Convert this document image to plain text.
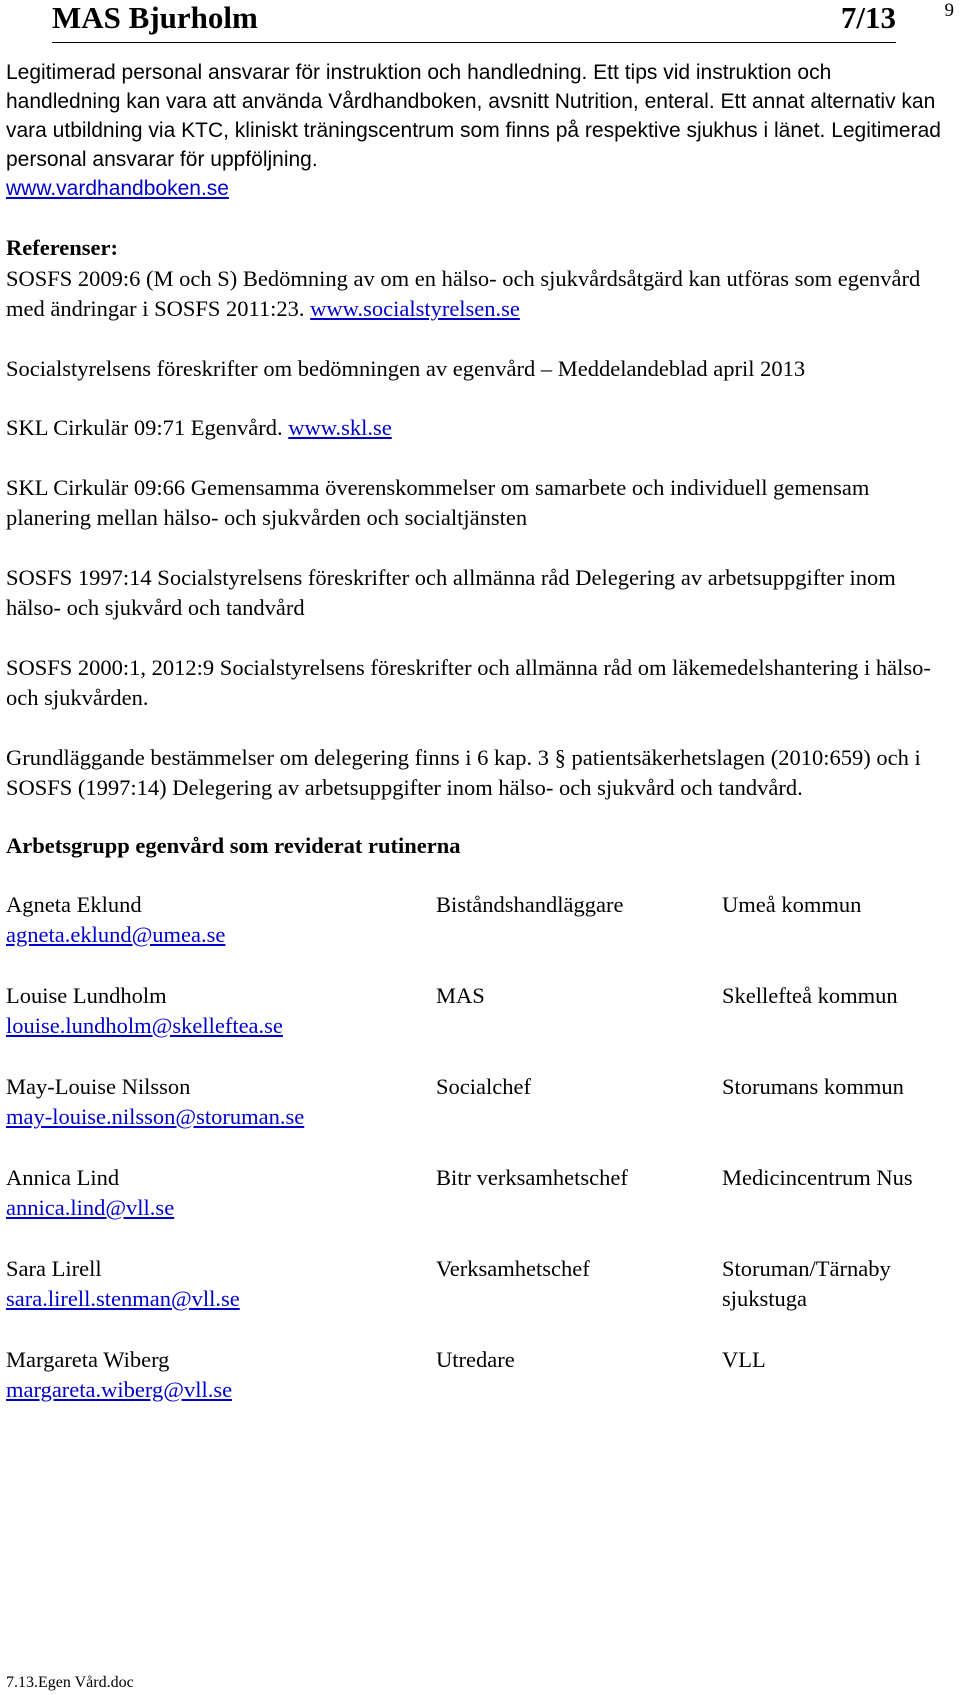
9
MAS Bjurholm	7/13

Legitimerad personal ansvarar för instruktion och handledning. Ett tips vid instruktion och handledning kan vara att använda Vårdhandboken, avsnitt Nutrition, enteral. Ett annat alternativ kan vara utbildning via KTC, kliniskt träningscentrum som finns på respektive sjukhus i länet. Legitimerad personal ansvarar för uppföljning.
www.vardhandboken.se

Referenser:

SOSFS 2009:6 (M och S) Bedömning av om en hälso- och sjukvårdsåtgärd kan utföras som egenvård med ändringar i SOSFS 2011:23. www.socialstyrelsen.se

Socialstyrelsens föreskrifter om bedömningen av egenvård – Meddelandeblad april 2013

SKL Cirkulär 09:71 Egenvård. www.skl.se

SKL Cirkulär 09:66 Gemensamma överenskommelser om samarbete och individuell gemensam planering mellan hälso- och sjukvården och socialtjänsten

SOSFS 1997:14 Socialstyrelsens föreskrifter och allmänna råd Delegering av arbetsuppgifter inom hälso- och sjukvård och tandvård

SOSFS 2000:1, 2012:9 Socialstyrelsens föreskrifter och allmänna råd om läkemedelshantering i hälso- och sjukvården.

Grundläggande bestämmelser om delegering finns i 6 kap. 3 § patientsäkerhetslagen (2010:659) och i SOSFS (1997:14) Delegering av arbetsuppgifter inom hälso- och sjukvård och tandvård.

Arbetsgrupp egenvård som reviderat rutinerna

Agneta Eklund
agneta.eklund@umea.se
Biståndshandläggare	Umeå kommun
Louise Lundholm
louise.lundholm@skelleftea.se
MAS	Skellefteå kommun
May-Louise Nilsson
may-louise.nilsson@storuman.se
Socialchef	Storumans kommun
Annica Lind
annica.lind@vll.se
Bitr verksamhetschef	Medicincentrum Nus
Sara Lirell
sara.lirell.stenman@vll.se
Verksamhetschef	Storuman/Tärnaby sjukstuga
Margareta Wiberg
margareta.wiberg@vll.se
Utredare	VLL
7.13.Egen Vård.doc
